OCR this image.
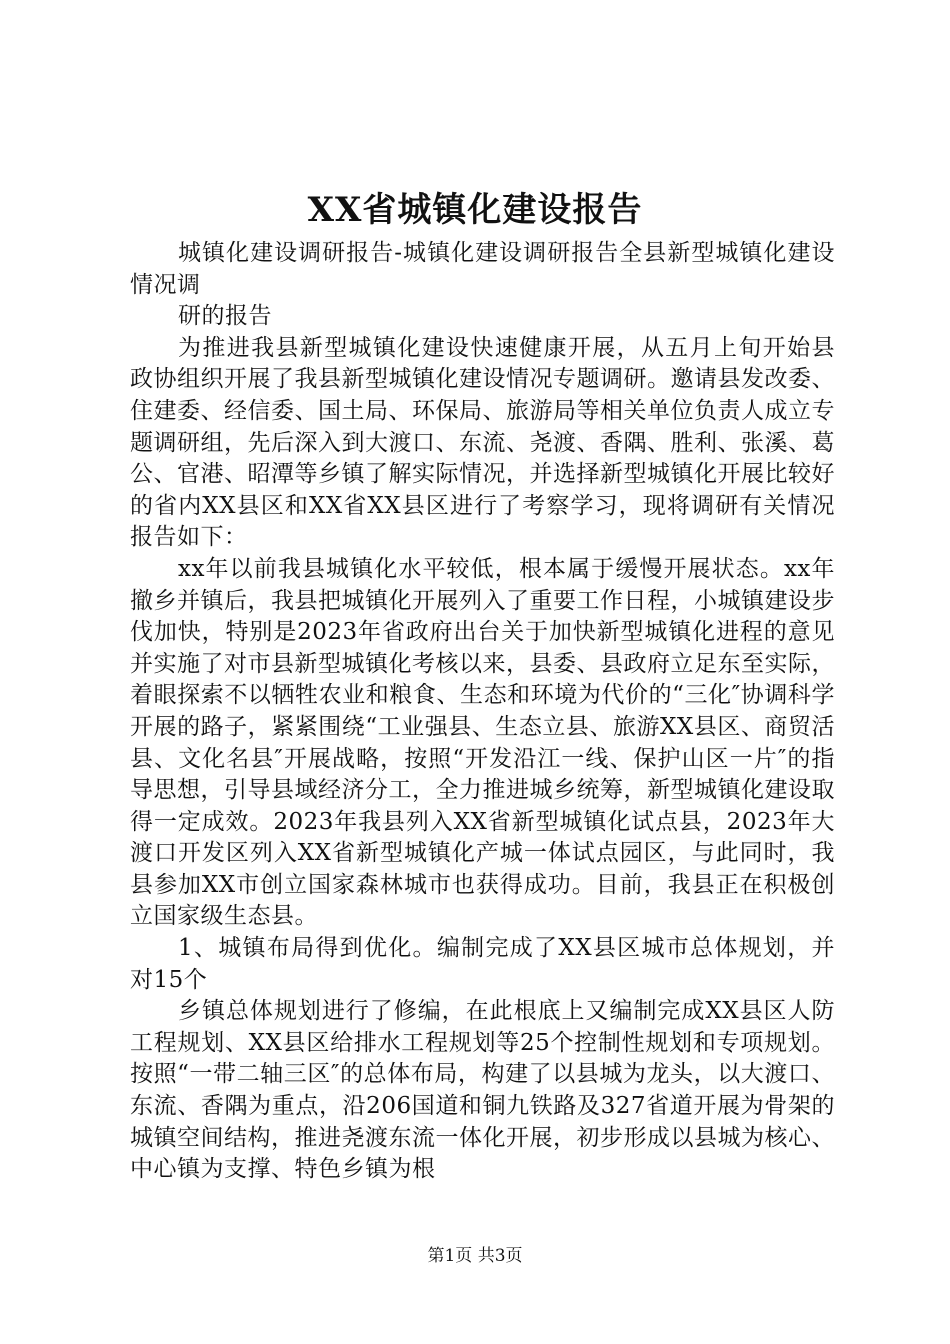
XX省城镇化建设报告

城镇化建设调研报告-城镇化建设调研报告全县新型城镇化建设情况调

研的报告

为推进我县新型城镇化建设快速健康开展，从五月上旬开始县政协组织开展了我县新型城镇化建设情况专题调研。邀请县发改委、住建委、经信委、国土局、环保局、旅游局等相关单位负责人成立专题调研组，先后深入到大渡口、东流、尧渡、香隅、胜利、张溪、葛公、官港、昭潭等乡镇了解实际情况，并选择新型城镇化开展比较好的省内XX县区和XX省XX县区进行了考察学习，现将调研有关情况报告如下：

xx年以前我县城镇化水平较低，根本属于缓慢开展状态。xx年撤乡并镇后，我县把城镇化开展列入了重要工作日程，小城镇建设步伐加快，特别是2023年省政府出台关于加快新型城镇化进程的意见并实施了对市县新型城镇化考核以来，县委、县政府立足东至实际，着眼探索不以牺牲农业和粮食、生态和环境为代价的“三化″协调科学开展的路子，紧紧围绕“工业强县、生态立县、旅游XX县区、商贸活县、文化名县″开展战略，按照“开发沿江一线、保护山区一片″的指导思想，引导县域经济分工，全力推进城乡统筹，新型城镇化建设取得一定成效。2023年我县列入XX省新型城镇化试点县，2023年大渡口开发区列入XX省新型城镇化产城一体试点园区，与此同时，我县参加XX市创立国家森林城市也获得成功。目前，我县正在积极创立国家级生态县。

1、城镇布局得到优化。编制完成了XX县区城市总体规划，并对15个

乡镇总体规划进行了修编，在此根底上又编制完成XX县区人防工程规划、XX县区给排水工程规划等25个控制性规划和专项规划。按照“一带二轴三区″的总体布局，构建了以县城为龙头，以大渡口、东流、香隅为重点，沿206国道和铜九铁路及327省道开展为骨架的城镇空间结构，推进尧渡东流一体化开展，初步形成以县城为核心、中心镇为支撑、特色乡镇为根

第1页 共3页
